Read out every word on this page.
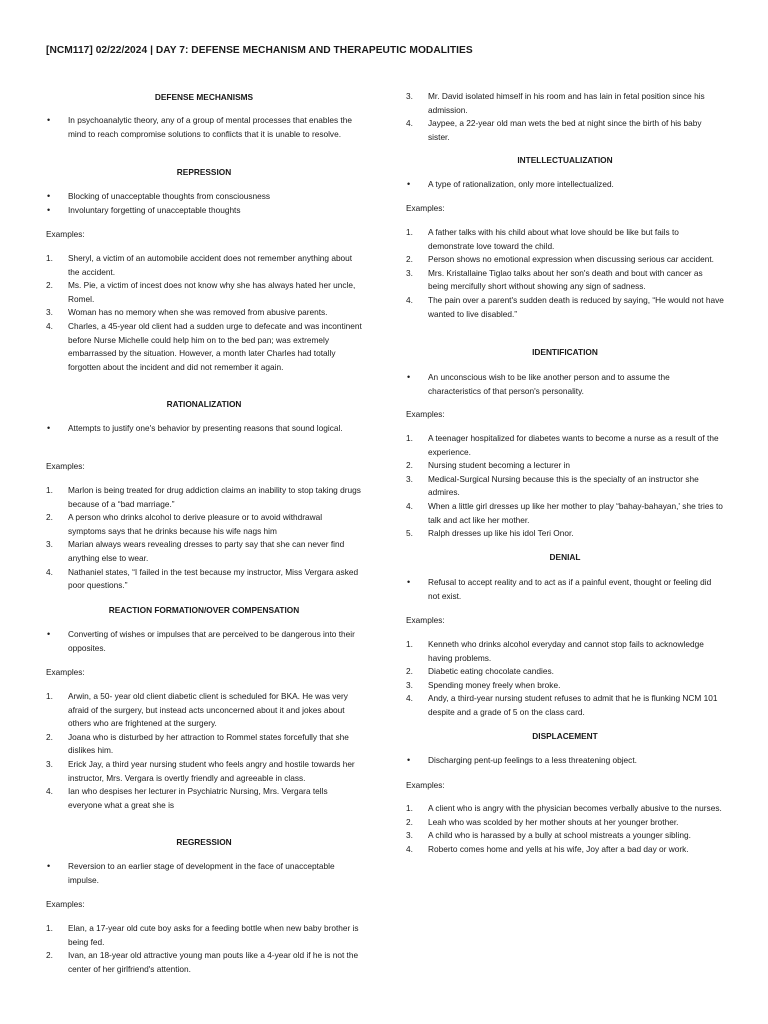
[NCM117] 02/22/2024 | DAY 7: DEFENSE MECHANISM AND THERAPEUTIC MODALITIES
DEFENSE MECHANISMS
• In psychoanalytic theory, any of a group of mental processes that enables the mind to reach compromise solutions to conflicts that it is unable to resolve.
REPRESSION
• Blocking of unacceptable thoughts from consciousness
• Involuntary forgetting of unacceptable thoughts
Examples:
1. Sheryl, a victim of an automobile accident does not remember anything about the accident.
2. Ms. Pie, a victim of incest does not know why she has always hated her uncle, Romel.
3. Woman has no memory when she was removed from abusive parents.
4. Charles, a 45-year old client had a sudden urge to defecate and was incontinent before Nurse Michelle could help him on to the bed pan; was extremely embarrassed by the situation. However, a month later Charles had totally forgotten about the incident and did not remember it again.
RATIONALIZATION
• Attempts to justify one's behavior by presenting reasons that sound logical.
Examples:
1. Marlon is being treated for drug addiction claims an inability to stop taking drugs because of a “bad marriage.”
2. A person who drinks alcohol to derive pleasure or to avoid withdrawal symptoms says that he drinks because his wife nags him
3. Marian always wears revealing dresses to party say that she can never find anything else to wear.
4. Nathaniel states, “I failed in the test because my instructor, Miss Vergara asked poor questions.”
REACTION FORMATION/OVER COMPENSATION
• Converting of wishes or impulses that are perceived to be dangerous into their opposites.
Examples:
1. Arwin, a 50- year old client diabetic client is scheduled for BKA. He was very afraid of the surgery, but instead acts unconcerned about it and jokes about others who are frightened at the surgery.
2. Joana who is disturbed by her attraction to Rommel states forcefully that she dislikes him.
3. Erick Jay, a third year nursing student who feels angry and hostile towards her instructor, Mrs. Vergara is overtly friendly and agreeable in class.
4. Ian who despises her lecturer in Psychiatric Nursing, Mrs. Vergara tells everyone what a great she is
REGRESSION
• Reversion to an earlier stage of development in the face of unacceptable impulse.
Examples:
1. Elan, a 17-year old cute boy asks for a feeding bottle when new baby brother is being fed.
2. Ivan, an 18-year old attractive young man pouts like a 4-year old if he is not the center of her girlfriend's attention.
3. Mr. David isolated himself in his room and has lain in fetal position since his admission.
4. Jaypee, a 22-year old man wets the bed at night since the birth of his baby sister.
INTELLECTUALIZATION
• A type of rationalization, only more intellectualized.
Examples:
1. A father talks with his child about what love should be like but fails to demonstrate love toward the child.
2. Person shows no emotional expression when discussing serious car accident.
3. Mrs. Kristallaine Tiglao talks about her son's death and bout with cancer as being mercifully short without showing any sign of sadness.
4. The pain over a parent's sudden death is reduced by saying, “He would not have wanted to live disabled.”
IDENTIFICATION
• An unconscious wish to be like another person and to assume the characteristics of that person's personality.
Examples:
1. A teenager hospitalized for diabetes wants to become a nurse as a result of the experience.
2. Nursing student becoming a lecturer in
3. Medical-Surgical Nursing because this is the specialty of an instructor she admires.
4. When a little girl dresses up like her mother to play “bahay-bahayan,' she tries to talk and act like her mother.
5. Ralph dresses up like his idol Teri Onor.
DENIAL
• Refusal to accept reality and to act as if a painful event, thought or feeling did not exist.
Examples:
1. Kenneth who drinks alcohol everyday and cannot stop fails to acknowledge having problems.
2. Diabetic eating chocolate candies.
3. Spending money freely when broke.
4. Andy, a third-year nursing student refuses to admit that he is flunking NCM 101 despite and a grade of 5 on the class card.
DISPLACEMENT
• Discharging pent-up feelings to a less threatening object.
Examples:
1. A client who is angry with the physician becomes verbally abusive to the nurses.
2. Leah who was scolded by her mother shouts at her younger brother.
3. A child who is harassed by a bully at school mistreats a younger sibling.
4. Roberto comes home and yells at his wife, Joy after a bad day or work.
